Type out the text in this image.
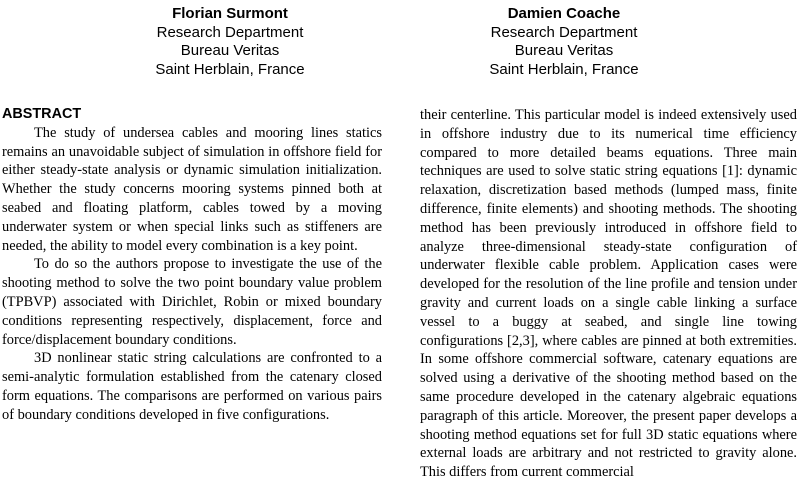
Florian Surmont
Research Department
Bureau Veritas
Saint Herblain, France
Damien Coache
Research Department
Bureau Veritas
Saint Herblain, France
ABSTRACT

The study of undersea cables and mooring lines statics remains an unavoidable subject of simulation in offshore field for either steady-state analysis or dynamic simulation initialization. Whether the study concerns mooring systems pinned both at seabed and floating platform, cables towed by a moving underwater system or when special links such as stiffeners are needed, the ability to model every combination is a key point.

To do so the authors propose to investigate the use of the shooting method to solve the two point boundary value problem (TPBVP) associated with Dirichlet, Robin or mixed boundary conditions representing respectively, displacement, force and force/displacement boundary conditions.

3D nonlinear static string calculations are confronted to a semi-analytic formulation established from the catenary closed form equations. The comparisons are performed on various pairs of boundary conditions developed in five configurations.

their centerline. This particular model is indeed extensively used in offshore industry due to its numerical time efficiency compared to more detailed beams equations. Three main techniques are used to solve static string equations [1]: dynamic relaxation, discretization based methods (lumped mass, finite difference, finite elements) and shooting methods. The shooting method has been previously introduced in offshore field to analyze three-dimensional steady-state configuration of underwater flexible cable problem. Application cases were developed for the resolution of the line profile and tension under gravity and current loads on a single cable linking a surface vessel to a buggy at seabed, and single line towing configurations [2,3], where cables are pinned at both extremities. In some offshore commercial software, catenary equations are solved using a derivative of the shooting method based on the same procedure developed in the catenary algebraic equations paragraph of this article. Moreover, the present paper develops a shooting method equations set for full 3D static equations where external loads are arbitrary and not restricted to gravity alone. This differs from current commercial
